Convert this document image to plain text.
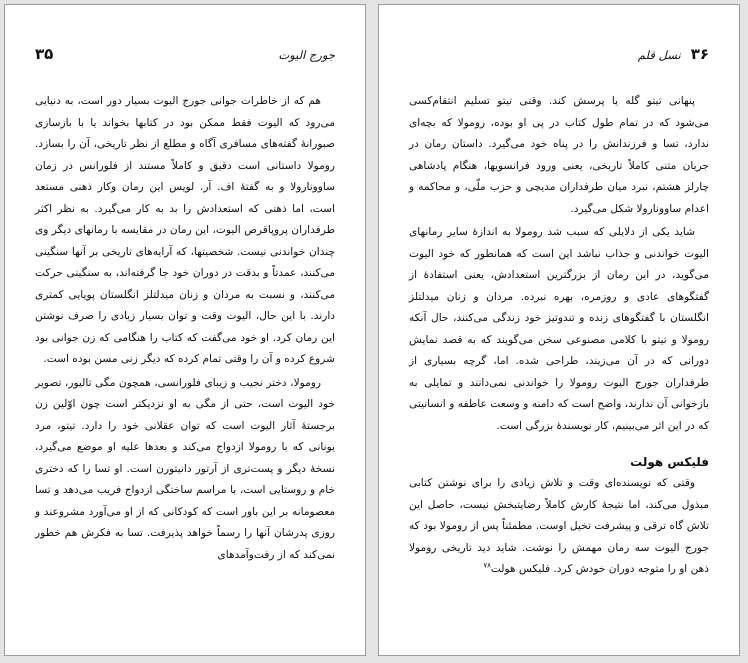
جورج الیوت
۳۵

هم که از خاطرات جوانی جورج الیوت بسیار دور است، به دنیایی می‌رود که الیوت فقط ممکن بود در کتابها بخواند یا با بازسازی صبورانهٔ گفته‌های مسافری آگاه و مطلع از نظر تاریخی، آن را بسازد. رومولا داستانی است دقیق و کاملاً مستند از فلورانس در زمان ساوونارولا و به گفتهٔ اف. آر. لویس این رمان وکار ذهنی مستعد است، اما ذهنی که استعدادش را بد به کار می‌گیرد. به نظر اکثر طرفداران پروپاقرص الیوت، این رمان در مقایسه با رمانهای دیگر وی چندان خواندنی نیست. شخصیتها، که آرایه‌های تاریخی بر آنها سنگینی می‌کنند، عمدتاً و بدقت در دوران خود جا گرفته‌اند، به سنگینی حرکت می‌کنند، و نسبت به مردان و زنان میدلتلز انگلستان پویایی کمتری دارند. با این حال، الیوت وقت و توان بسیار زیادی را صرف نوشتن این رمان کرد. او خود می‌گفت که کتاب را هنگامی که زن جوانی بود شروع کرده و آن را وقتی تمام کرده که دیگر زنی مسن بوده است.

رومولا، دختر نجیب و زیبای فلورانسی، همچون مگی تالیور، تصویر خود الیوت است، حتی از مگی به او نزدیکتر است چون اوّلین زن برجستهٔ آثار الیوت است که توان عقلانی خود را دارد. تیتو، مرد یونانی که با رومولا ازدواج می‌کند و بعدها علیه او موضع می‌گیرد، نسخهٔ دیگر و پست‌تری از آرتور دانیتورن است. او تسا را که دختری خام و روستایی است، با مراسم ساختگی ازدواج فریب می‌دهد و تسا معصومانه بر این باور است که کودکانی که از او می‌آورد مشروعند و روزی پدرشان آنها را رسماً خواهد پذیرفت. تسا به فکرش هم خطور نمی‌کند که از رفت‌وآمدهای

۳۶
نسل قلم

پنهانی تیتو گله یا پرسش کند. وقتی تیتو تسلیم انتقام‌کسی می‌شود که در تمام طول کتاب در پی او بوده، رومولا که بچه‌ای ندارد، تسا و فرزندانش را در پناه خود می‌گیرد. داستان رمان در جریان متنی کاملاً تاریخی، یعنی ورود فرانسویها، هنگام پادشاهی چارلز هشتم، نبرد میان طرفداران مدیچی و حزب ملّی، و محاکمه و اعدام ساوونارولا شکل می‌گیرد.

شاید یکی از دلایلی که سبب شد رومولا به اندازهٔ سایر رمانهای الیوت خواندنی و جذاب نباشد این است که همانطور که خود الیوت می‌گوید، در این رمان از بزرگترین استعدادش، یعنی استفادهٔ از گفتگوهای عادی و روزمره، بهره نبرده. مردان و زنان میدلتلز انگلستان با گفتگوهای زنده و تندوتیز خود زندگی می‌کنند، حال آنکه رومولا و تیتو با کلامی مصنوعی سخن می‌گویند که به قصد نمایش دورانی که در آن می‌زیند، طراحی شده. اما، گرچه بسیاری از طرفداران جورج الیوت رومولا را خواندنی نمی‌دانند و تمایلی به بازخوانی آن ندارند، واضح است که دامنه و وسعت عاطفه و انسانیتی که در این اثر می‌بینیم، کار نویسندهٔ بزرگی است.

فلیکس هولت

وقتی که نویسنده‌ای وقت و تلاش زیادی را برای نوشتن کتابی مبذول می‌کند، اما نتیجهٔ کارش کاملاً رضایتبخش نیست، حاصل این تلاش گاه ترقی و پیشرفت تخیل اوست. مطمئناً پس از رومولا بود که جورج الیوت سه رمان مهمش را نوشت. شاید دید تاریخی رومولا ذهن او را متوجه دوران خودش کرد. فلیکس هولت$^{۷۸}$
